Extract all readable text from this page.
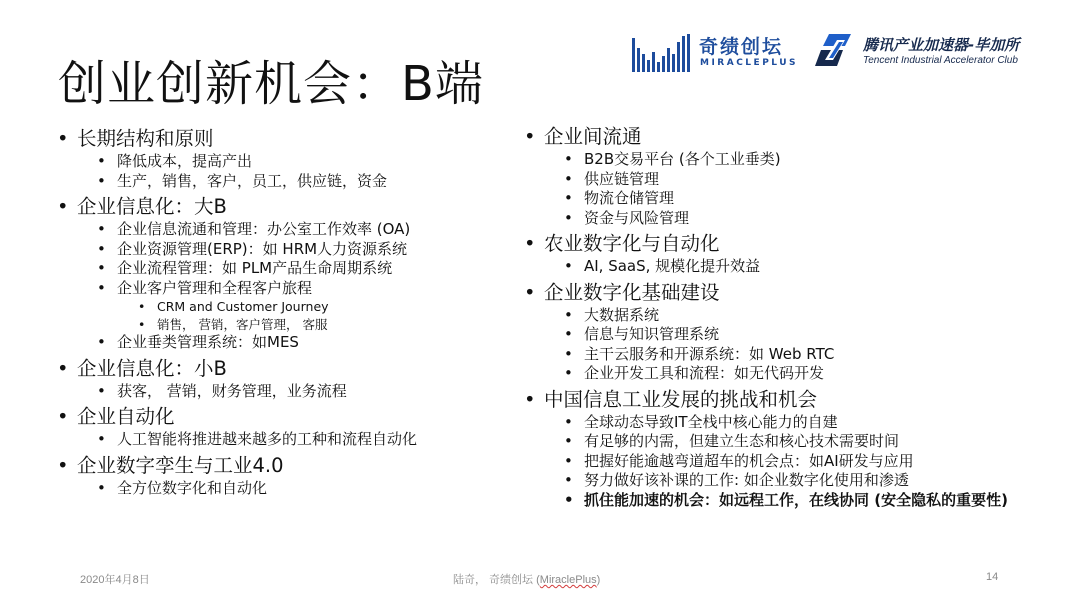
创业创新机会：B端
奇绩创坛
MIRACLEPLUS
腾讯产业加速器-毕加所
Tencent Industrial Accelerator Club
• 长期结构和原则
• 降低成本，提高产出
• 生产，销售，客户，员工，供应链，资金
• 企业信息化：大B
• 企业信息流通和管理：办公室工作效率 (OA)
• 企业资源管理(ERP)：如 HRM人力资源系统
• 企业流程管理：如 PLM产品生命周期系统
• 企业客户管理和全程客户旅程
• CRM and Customer Journey
• 销售， 营销，客户管理， 客服
• 企业垂类管理系统：如MES
• 企业信息化：小B
• 获客， 营销，财务管理，业务流程
• 企业自动化
• 人工智能将推进越来越多的工种和流程自动化
• 企业数字孪生与工业4.0
• 全方位数字化和自动化
• 企业间流通
• B2B交易平台 (各个工业垂类)
• 供应链管理
• 物流仓储管理
• 资金与风险管理
• 农业数字化与自动化
• AI, SaaS, 规模化提升效益
• 企业数字化基础建设
• 大数据系统
• 信息与知识管理系统
• 主干云服务和开源系统：如 Web RTC
• 企业开发工具和流程：如无代码开发
• 中国信息工业发展的挑战和机会
• 全球动态导致IT全栈中核心能力的自建
• 有足够的内需，但建立生态和核心技术需要时间
• 把握好能逾越弯道超车的机会点：如AI研发与应用
• 努力做好该补课的工作: 如企业数字化使用和渗透
• 抓住能加速的机会：如远程工作，在线协同 (安全隐私的重要性)
2020年4月8日	陆奇， 奇绩创坛 (MiraclePlus)	14
